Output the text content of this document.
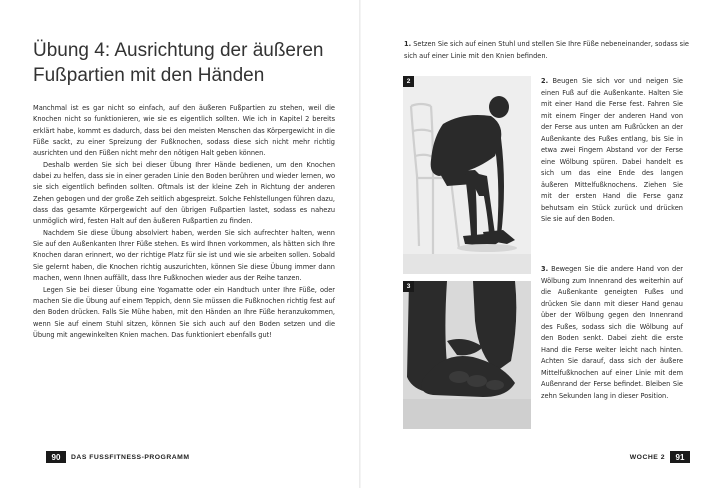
Übung 4: Ausrichtung der äußeren Fußpartien mit den Händen

Manchmal ist es gar nicht so einfach, auf den äußeren Fußpartien zu stehen, weil die Knochen nicht so funktionieren, wie sie es eigentlich sollten. Wie ich in Kapitel 2 bereits erklärt habe, kommt es dadurch, dass bei den meisten Menschen das Körpergewicht in die Füße sackt, zu einer Spreizung der Fußknochen, sodass diese sich nicht mehr richtig ausrichten und den Füßen nicht mehr den nötigen Halt geben können.

Deshalb werden Sie sich bei dieser Übung Ihrer Hände bedienen, um den Knochen dabei zu helfen, dass sie in einer geraden Linie den Boden berühren und wieder lernen, wo sie sich eigentlich befinden sollten. Oftmals ist der kleine Zeh in Richtung der anderen Zehen gebogen und der große Zeh seitlich abgespreizt. Solche Fehlstellungen führen dazu, dass das gesamte Körpergewicht auf den übrigen Fußpartien lastet, sodass es nahezu unmöglich wird, festen Halt auf den äußeren Fußpartien zu finden.

Nachdem Sie diese Übung absolviert haben, werden Sie sich aufrechter halten, wenn Sie auf den Außenkanten Ihrer Füße stehen. Es wird Ihnen vorkommen, als hätten sich Ihre Knochen daran erinnert, wo der richtige Platz für sie ist und wie sie arbeiten sollen. Sobald Sie gelernt haben, die Knochen richtig auszurichten, können Sie diese Übung immer dann machen, wenn Ihnen auffällt, dass Ihre Fußknochen wieder aus der Reihe tanzen.

Legen Sie bei dieser Übung eine Yogamatte oder ein Handtuch unter Ihre Füße, oder machen Sie die Übung auf einem Teppich, denn Sie müssen die Fußknochen richtig fest auf den Boden drücken. Falls Sie Mühe haben, mit den Händen an Ihre Füße heranzukommen, wenn Sie auf einem Stuhl sitzen, können Sie sich auch auf den Boden setzen und die Übung mit angewinkelten Knien machen. Das funktioniert ebenfalls gut!

90	DAS FUSSFITNESS-PROGRAMM
1. Setzen Sie sich auf einen Stuhl und stellen Sie Ihre Füße nebeneinander, sodass sie sich auf einer Linie mit den Knien befinden.
2
3

2. Beugen Sie sich vor und neigen Sie einen Fuß auf die Außenkante. Halten Sie mit einer Hand die Ferse fest. Fahren Sie mit einem Finger der anderen Hand von der Ferse aus unten am Fußrücken an der Außenkante des Fußes entlang, bis Sie in etwa zwei Fingern Abstand vor der Ferse eine Wölbung spüren. Dabei handelt es sich um das eine Ende des langen äußeren Mittelfußknochens. Ziehen Sie mit der ersten Hand die Ferse ganz behutsam ein Stück zurück und drücken Sie sie auf den Boden.

3. Bewegen Sie die andere Hand von der Wölbung zum Innenrand des weiterhin auf die Außenkante geneigten Fußes und drücken Sie dann mit dieser Hand genau über der Wölbung gegen den Innenrand des Fußes, sodass sich die Wölbung auf den Boden senkt. Dabei zieht die erste Hand die Ferse weiter leicht nach hinten. Achten Sie darauf, dass sich der äußere Mittelfußknochen auf einer Linie mit dem Außenrand der Ferse befindet. Bleiben Sie zehn Sekunden lang in dieser Position.

WOCHE 2	91
